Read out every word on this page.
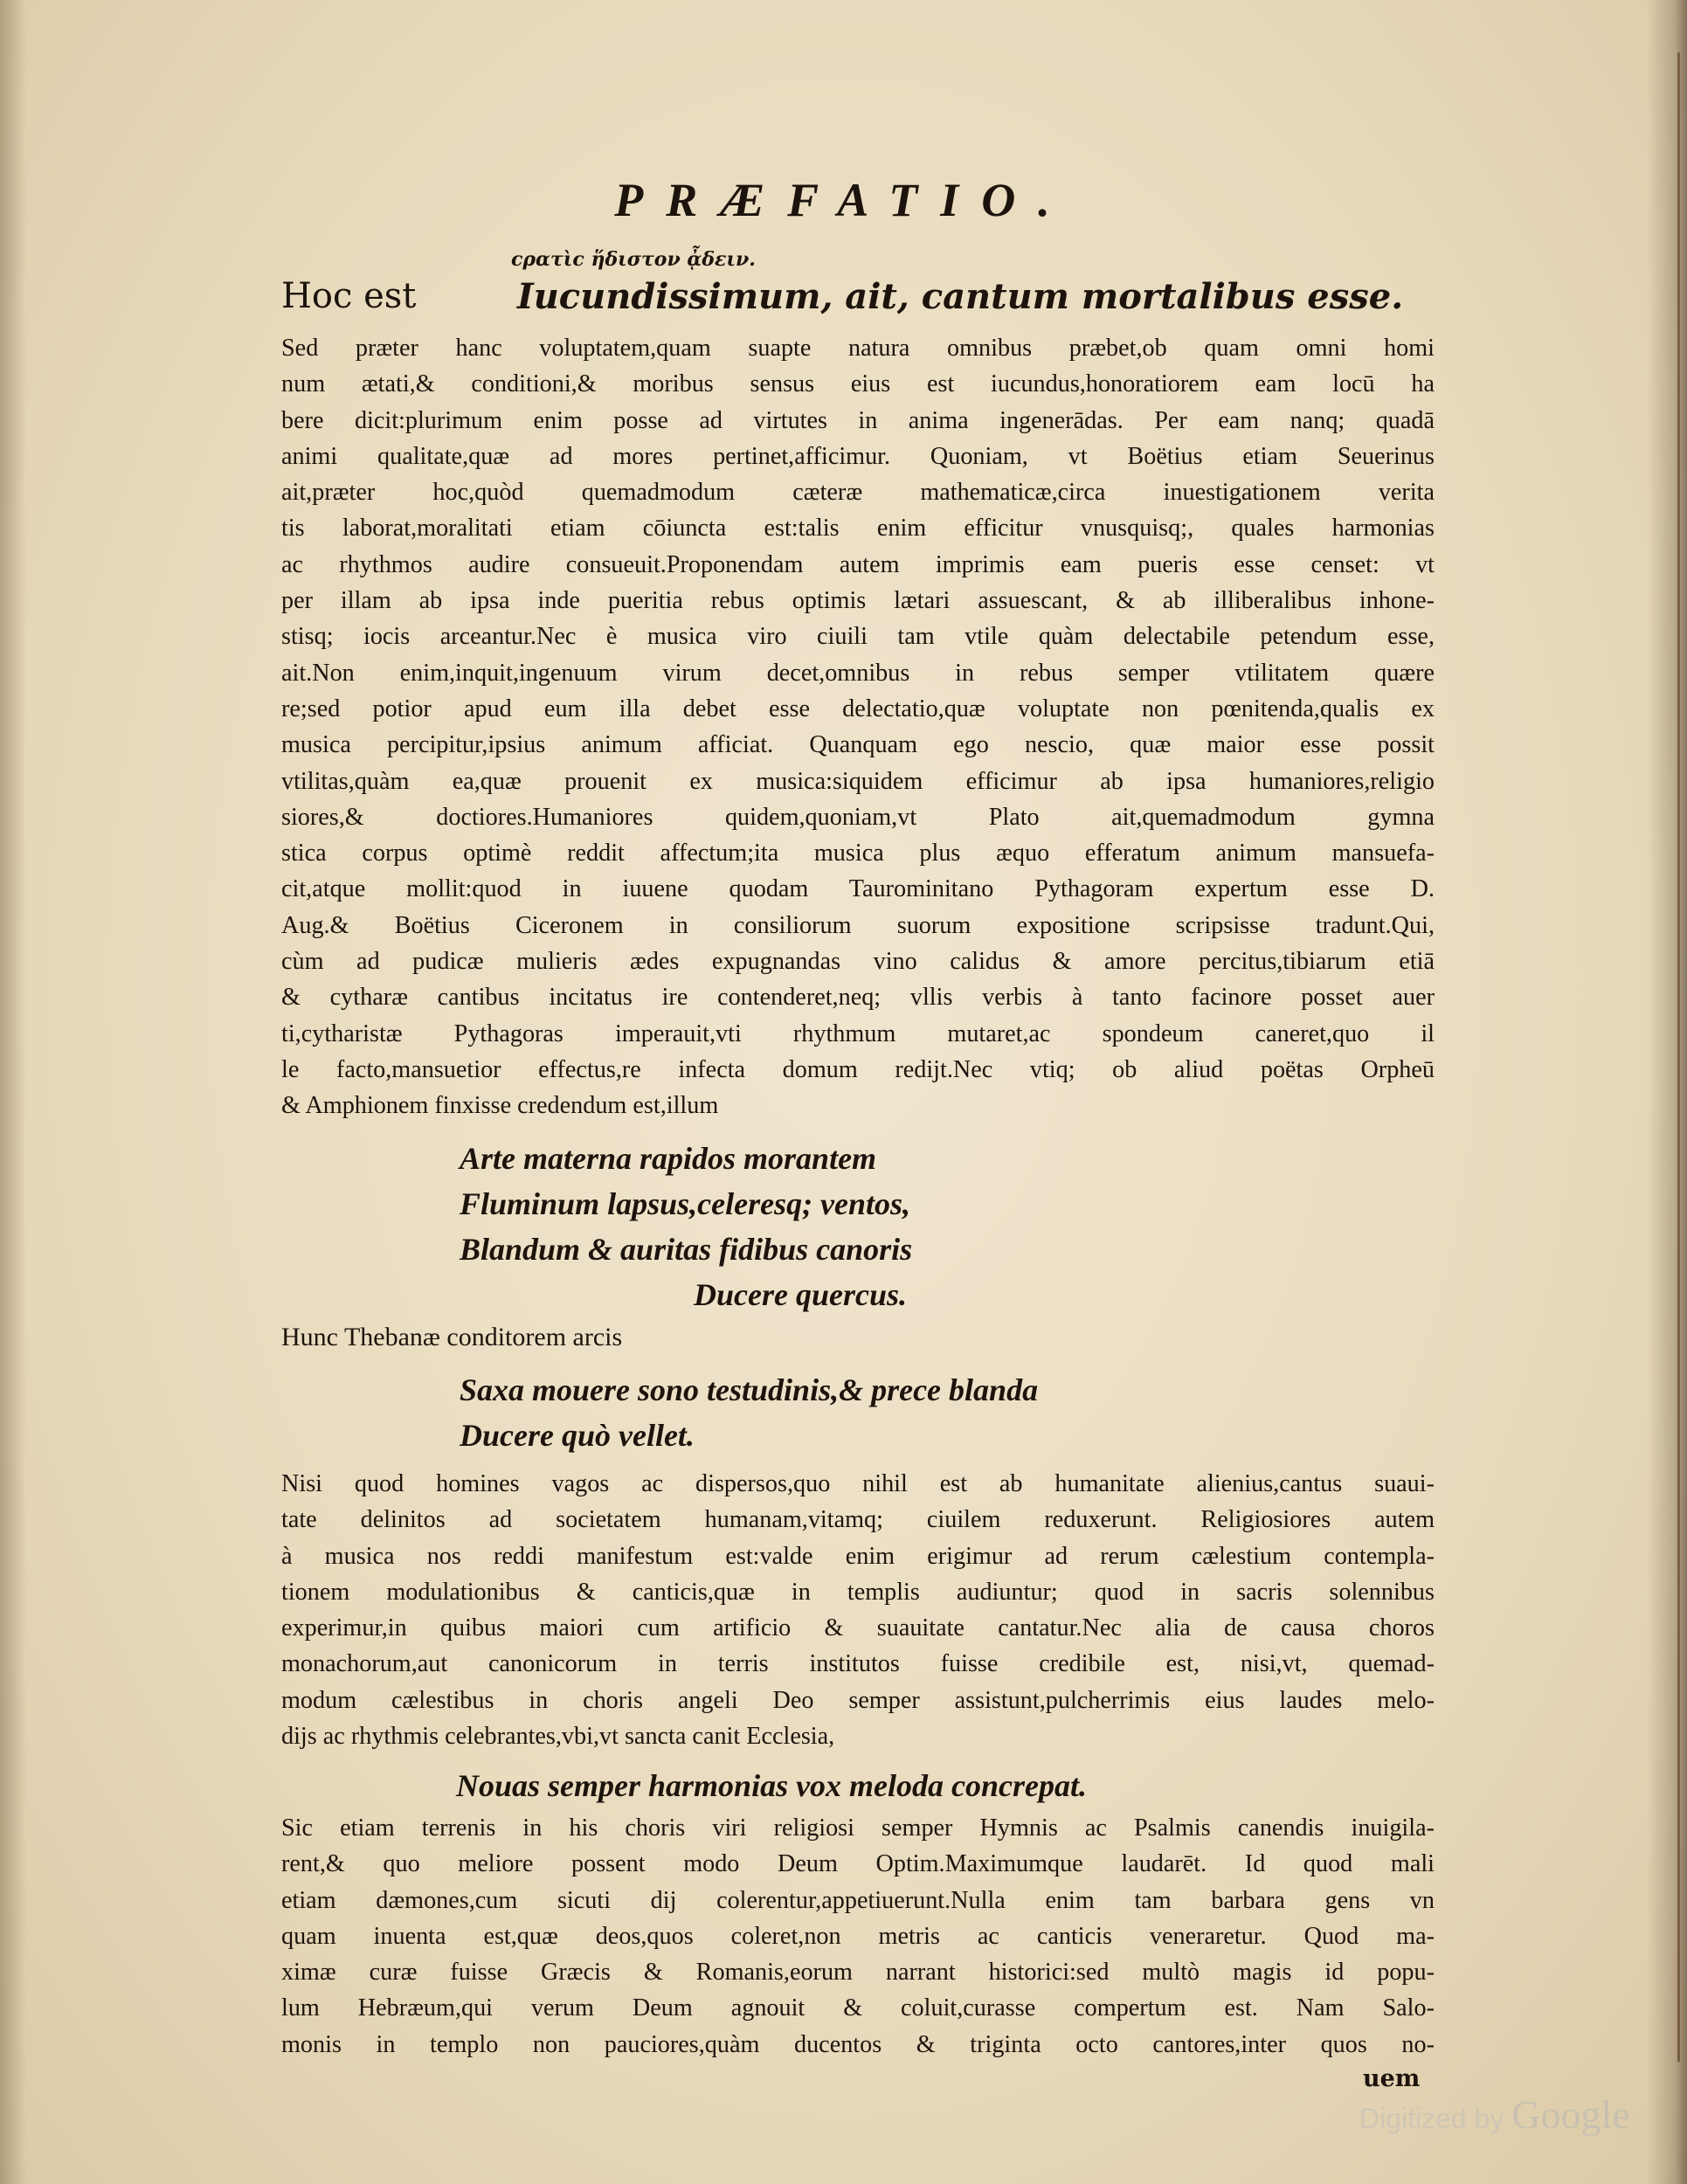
PRÆFATIO.
ϲρατὶϲ ἥδιστον ᾆδειν.
Hoc est	Iucundissimum, ait, cantum mortalibus esse.
Sed præter hanc voluptatem,quam suapte natura omnibus præbet,ob quam omni homi
num ætati,& conditioni,& moribus sensus eius est iucundus,honoratiorem eam locū ha
bere dicit:plurimum enim posse ad virtutes in anima ingenerādas. Per eam nanq; quadā
animi qualitate,quæ ad mores pertinet,afficimur. Quoniam, vt Boëtius etiam Seuerinus
ait,præter hoc,quòd quemadmodum cæteræ mathematicæ,circa inuestigationem verita
tis laborat,moralitati etiam cōiuncta est:talis enim efficitur vnusquisq;, quales harmonias
ac rhythmos audire consueuit.Proponendam autem imprimis eam pueris esse censet: vt
per illam ab ipsa inde pueritia rebus optimis lætari assuescant, & ab illiberalibus inhone-
stisq; iocis arceantur.Nec è musica viro ciuili tam vtile quàm delectabile petendum esse,
ait.Non enim,inquit,ingenuum virum decet,omnibus in rebus semper vtilitatem quære
re;sed potior apud eum illa debet esse delectatio,quæ voluptate non pœnitenda,qualis ex
musica percipitur,ipsius animum afficiat. Quanquam ego nescio, quæ maior esse possit
vtilitas,quàm ea,quæ prouenit ex musica:siquidem efficimur ab ipsa humaniores,religio
siores,& doctiores.Humaniores quidem,quoniam,vt Plato ait,quemadmodum gymna
stica corpus optimè reddit affectum;ita musica plus æquo efferatum animum mansuefa-
cit,atque mollit:quod in iuuene quodam Taurominitano Pythagoram expertum esse D.
Aug.& Boëtius Ciceronem in consiliorum suorum expositione scripsisse tradunt.Qui,
cùm ad pudicæ mulieris ædes expugnandas vino calidus & amore percitus,tibiarum etiā
& cytharæ cantibus incitatus ire contenderet,neq; vllis verbis à tanto facinore posset auer
ti,cytharistæ Pythagoras imperauit,vti rhythmum mutaret,ac spondeum caneret,quo il
le facto,mansuetior effectus,re infecta domum redijt.Nec vtiq; ob aliud poëtas Orpheū
& Amphionem finxisse credendum est,illum
Arte materna rapidos morantem
Fluminum lapsus,celeresq; ventos,
Blandum & auritas fidibus canoris
Ducere quercus.
Hunc Thebanæ conditorem arcis
Saxa mouere sono testudinis,& prece blanda
Ducere quò vellet.
Nisi quod homines vagos ac dispersos,quo nihil est ab humanitate alienius,cantus suaui-
tate delinitos ad societatem humanam,vitamq; ciuilem reduxerunt. Religiosiores autem
à musica nos reddi manifestum est:valde enim erigimur ad rerum cælestium contempla-
tionem modulationibus & canticis,quæ in templis audiuntur; quod in sacris solennibus
experimur,in quibus maiori cum artificio & suauitate cantatur.Nec alia de causa choros
monachorum,aut canonicorum in terris institutos fuisse credibile est, nisi,vt, quemad-
modum cælestibus in choris angeli Deo semper assistunt,pulcherrimis eius laudes melo-
dijs ac rhythmis celebrantes,vbi,vt sancta canit Ecclesia,
Nouas semper harmonias vox meloda concrepat.
Sic etiam terrenis in his choris viri religiosi semper Hymnis ac Psalmis canendis inuigila-
rent,& quo meliore possent modo Deum Optim.Maximumque laudarēt. Id quod mali
etiam dæmones,cum sicuti dij colerentur,appetiuerunt.Nulla enim tam barbara gens vn
quam inuenta est,quæ deos,quos coleret,non metris ac canticis veneraretur. Quod ma-
ximæ curæ fuisse Græcis & Romanis,eorum narrant historici:sed multò magis id popu-
lum Hebræum,qui verum Deum agnouit & coluit,curasse compertum est. Nam Salo-
monis in templo non pauciores,quàm ducentos & triginta octo cantores,inter quos no-
uem
Digitized by Google
